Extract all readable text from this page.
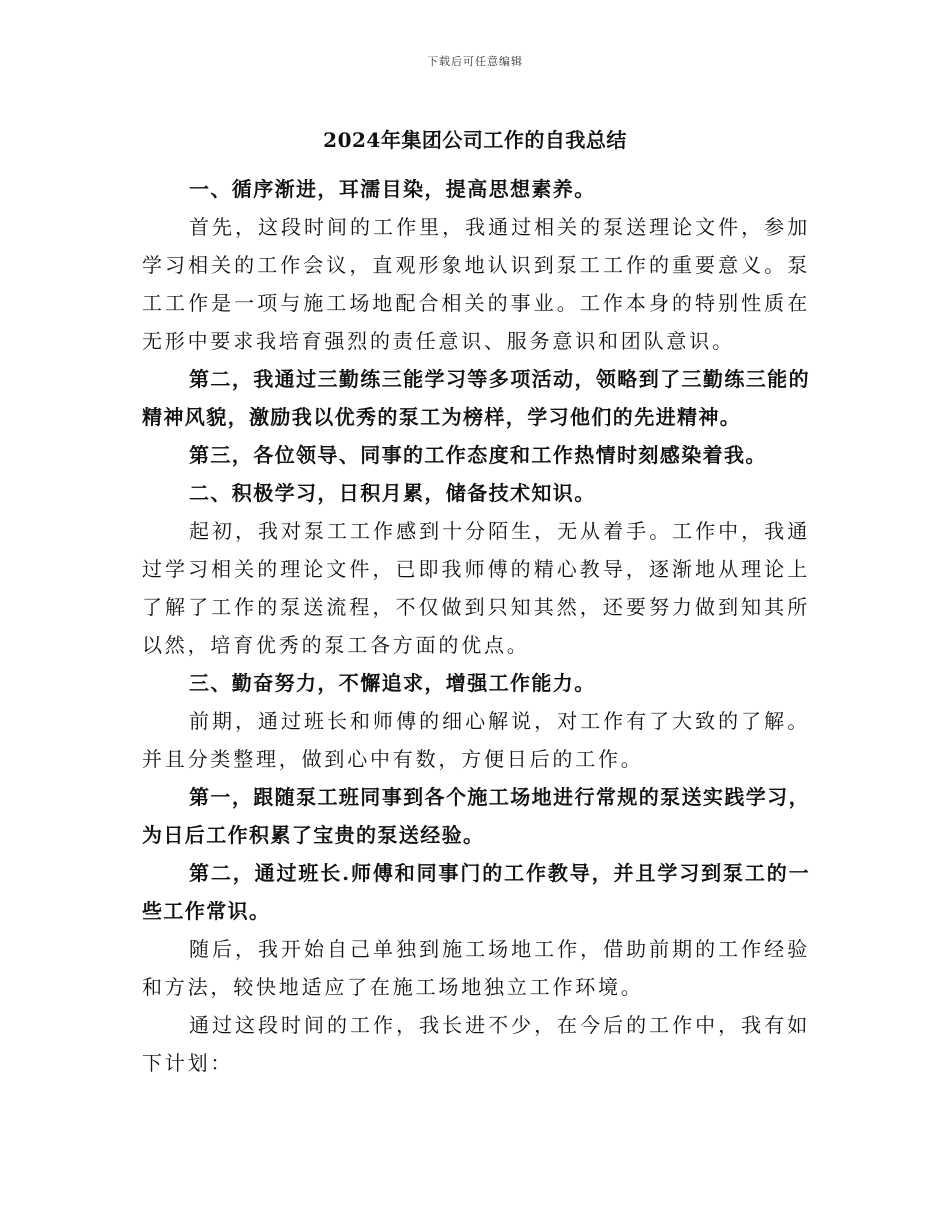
下载后可任意编辑
2024年集团公司工作的自我总结

一、循序渐进，耳濡目染，提高思想素养。

首先，这段时间的工作里，我通过相关的泵送理论文件，参加学习相关的工作会议，直观形象地认识到泵工工作的重要意义。泵工工作是一项与施工场地配合相关的事业。工作本身的特别性质在无形中要求我培育强烈的责任意识、服务意识和团队意识。

第二，我通过三勤练三能学习等多项活动，领略到了三勤练三能的精神风貌，激励我以优秀的泵工为榜样，学习他们的先进精神。

第三，各位领导、同事的工作态度和工作热情时刻感染着我。

二、积极学习，日积月累，储备技术知识。

起初，我对泵工工作感到十分陌生，无从着手。工作中，我通过学习相关的理论文件，已即我师傅的精心教导，逐渐地从理论上了解了工作的泵送流程，不仅做到只知其然，还要努力做到知其所以然，培育优秀的泵工各方面的优点。

三、勤奋努力，不懈追求，增强工作能力。

前期，通过班长和师傅的细心解说，对工作有了大致的了解。并且分类整理，做到心中有数，方便日后的工作。

第一，跟随泵工班同事到各个施工场地进行常规的泵送实践学习，为日后工作积累了宝贵的泵送经验。

第二，通过班长.师傅和同事门的工作教导，并且学习到泵工的一些工作常识。

随后，我开始自己单独到施工场地工作，借助前期的工作经验和方法，较快地适应了在施工场地独立工作环境。

通过这段时间的工作，我长进不少，在今后的工作中，我有如下计划：
